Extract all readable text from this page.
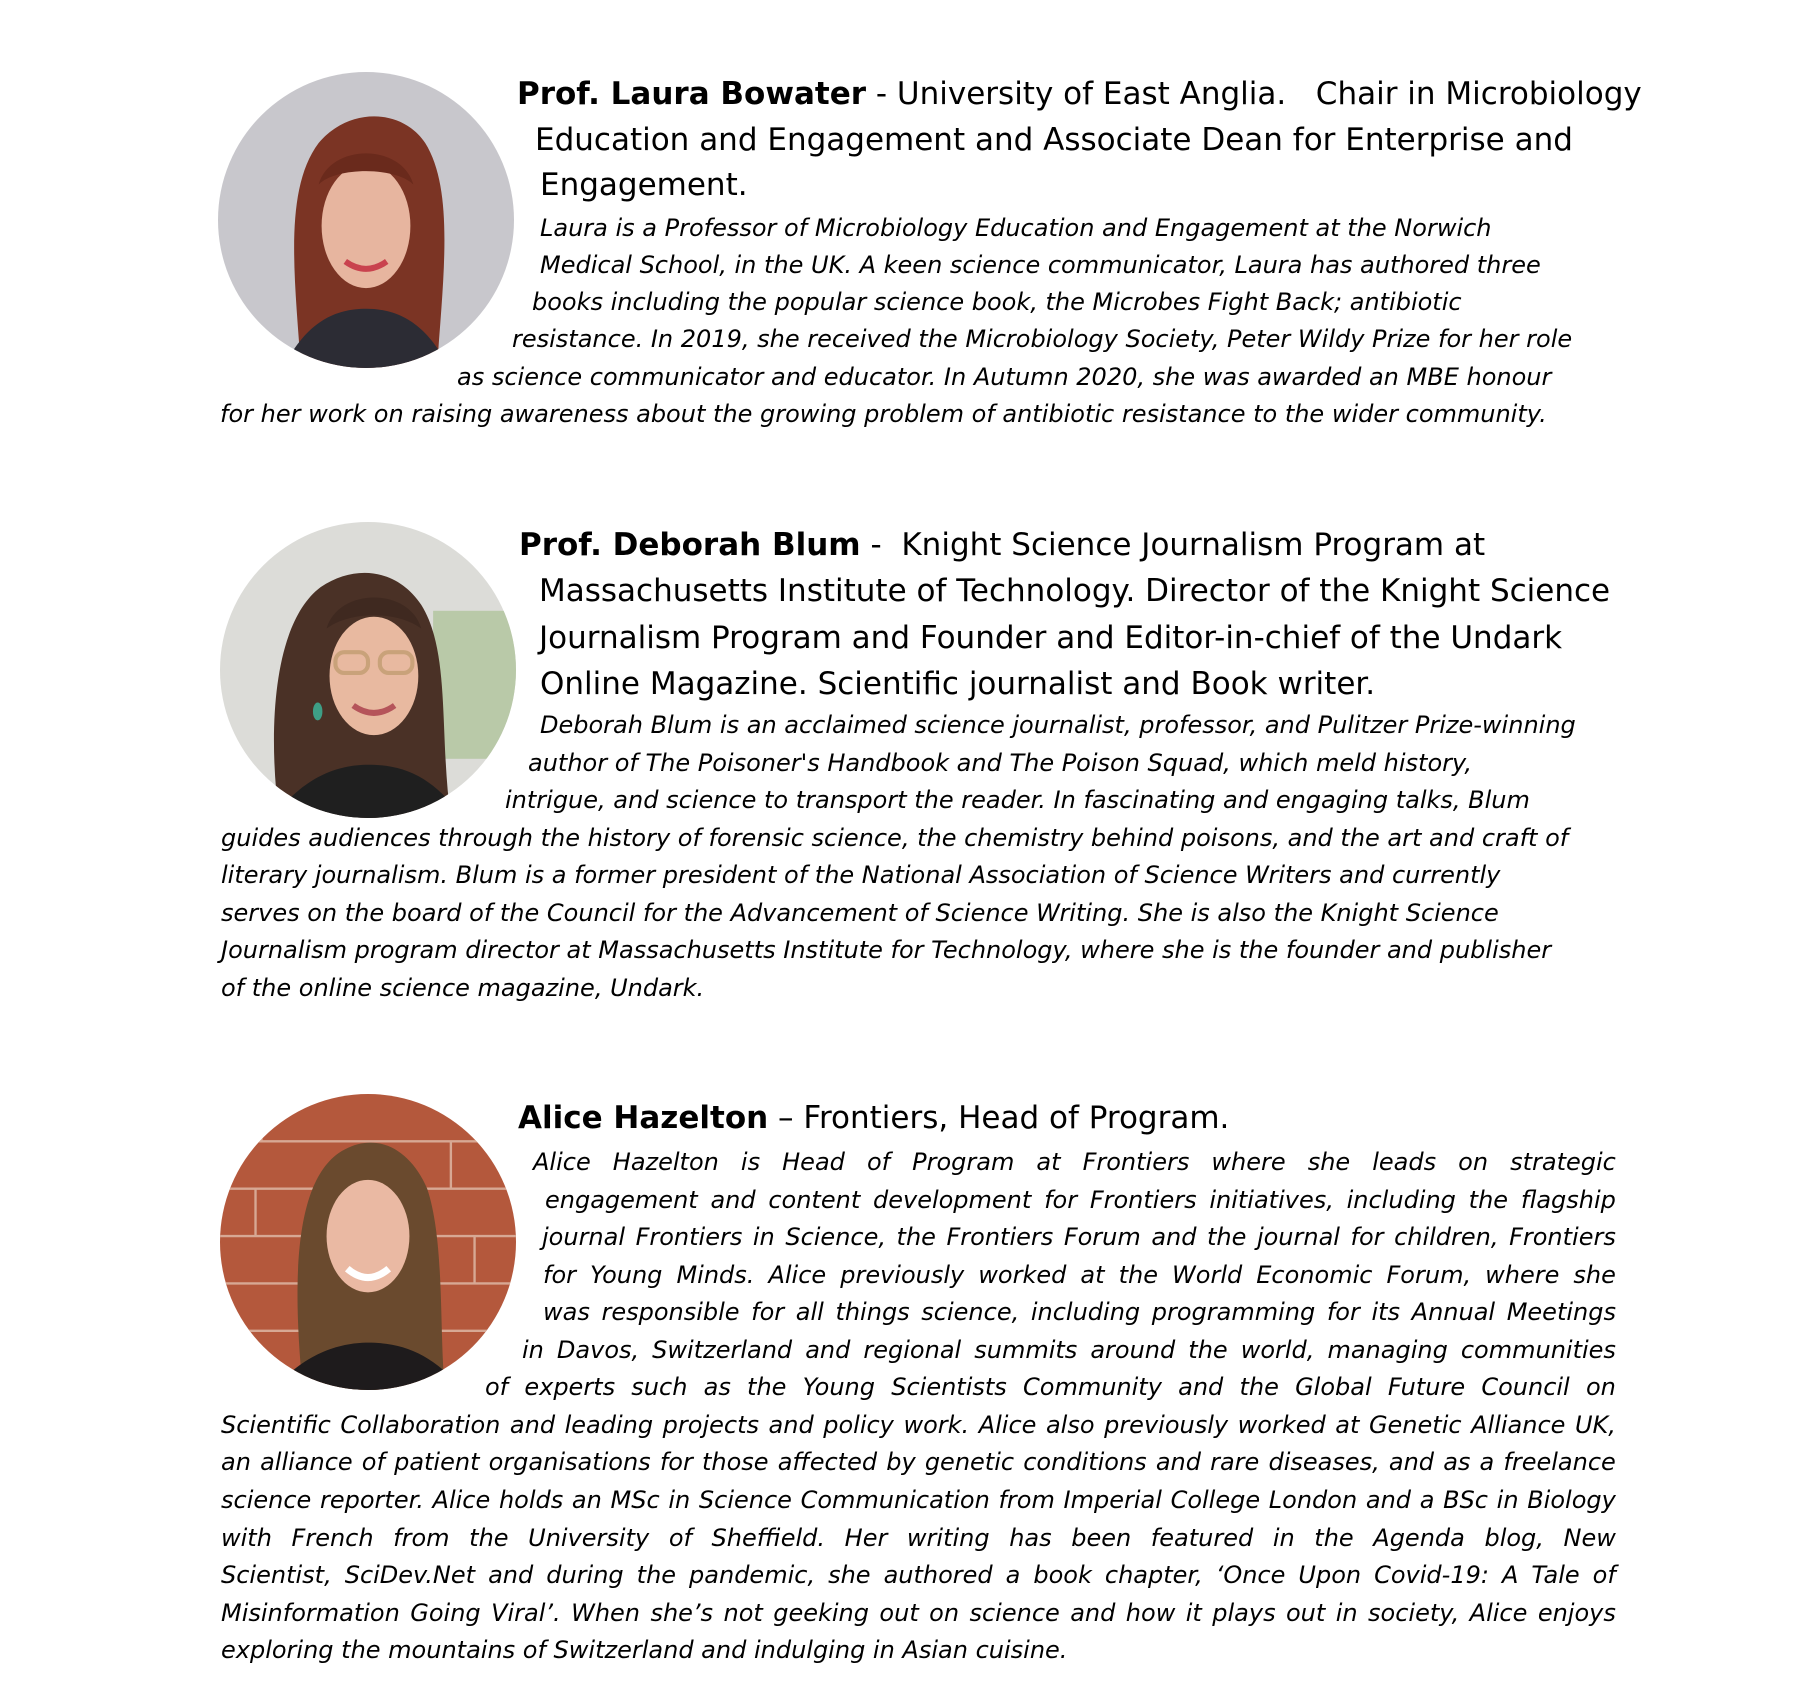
Prof. Laura Bowater - University of East Anglia.   Chair in Microbiology
Education and Engagement and Associate Dean for Enterprise and
Engagement.
Laura is a Professor of Microbiology Education and Engagement at the Norwich
Medical School, in the UK. A keen science communicator, Laura has authored three
books including the popular science book, the Microbes Fight Back; antibiotic
resistance. In 2019, she received the Microbiology Society, Peter Wildy Prize for her role
as science communicator and educator. In Autumn 2020, she was awarded an MBE honour
for her work on raising awareness about the growing problem of antibiotic resistance to the wider community.
Prof. Deborah Blum -  Knight Science Journalism Program at
Massachusetts Institute of Technology. Director of the Knight Science
Journalism Program and Founder and Editor-in-chief of the Undark
Online Magazine. Scientific journalist and Book writer.
Deborah Blum is an acclaimed science journalist, professor, and Pulitzer Prize-winning
author of The Poisoner's Handbook and The Poison Squad, which meld history,
intrigue, and science to transport the reader. In fascinating and engaging talks, Blum
guides audiences through the history of forensic science, the chemistry behind poisons, and the art and craft of
literary journalism. Blum is a former president of the National Association of Science Writers and currently
serves on the board of the Council for the Advancement of Science Writing. She is also the Knight Science
Journalism program director at Massachusetts Institute for Technology, where she is the founder and publisher
of the online science magazine, Undark.
Alice Hazelton – Frontiers, Head of Program.
Alice Hazelton is Head of Program at Frontiers where she leads on strategic
engagement and content development for Frontiers initiatives, including the flagship
journal Frontiers in Science, the Frontiers Forum and the journal for children, Frontiers
for Young Minds. Alice previously worked at the World Economic Forum, where she
was responsible for all things science, including programming for its Annual Meetings
in Davos, Switzerland and regional summits around the world, managing communities
of experts such as the Young Scientists Community and the Global Future Council on
Scientific Collaboration and leading projects and policy work. Alice also previously worked at Genetic Alliance UK,
an alliance of patient organisations for those affected by genetic conditions and rare diseases, and as a freelance
science reporter. Alice holds an MSc in Science Communication from Imperial College London and a BSc in Biology
with French from the University of Sheffield. Her writing has been featured in the Agenda blog, New
Scientist, SciDev.Net and during the pandemic, she authored a book chapter, ‘Once Upon Covid-19: A Tale of
Misinformation Going Viral’. When she’s not geeking out on science and how it plays out in society, Alice enjoys
exploring the mountains of Switzerland and indulging in Asian cuisine.
